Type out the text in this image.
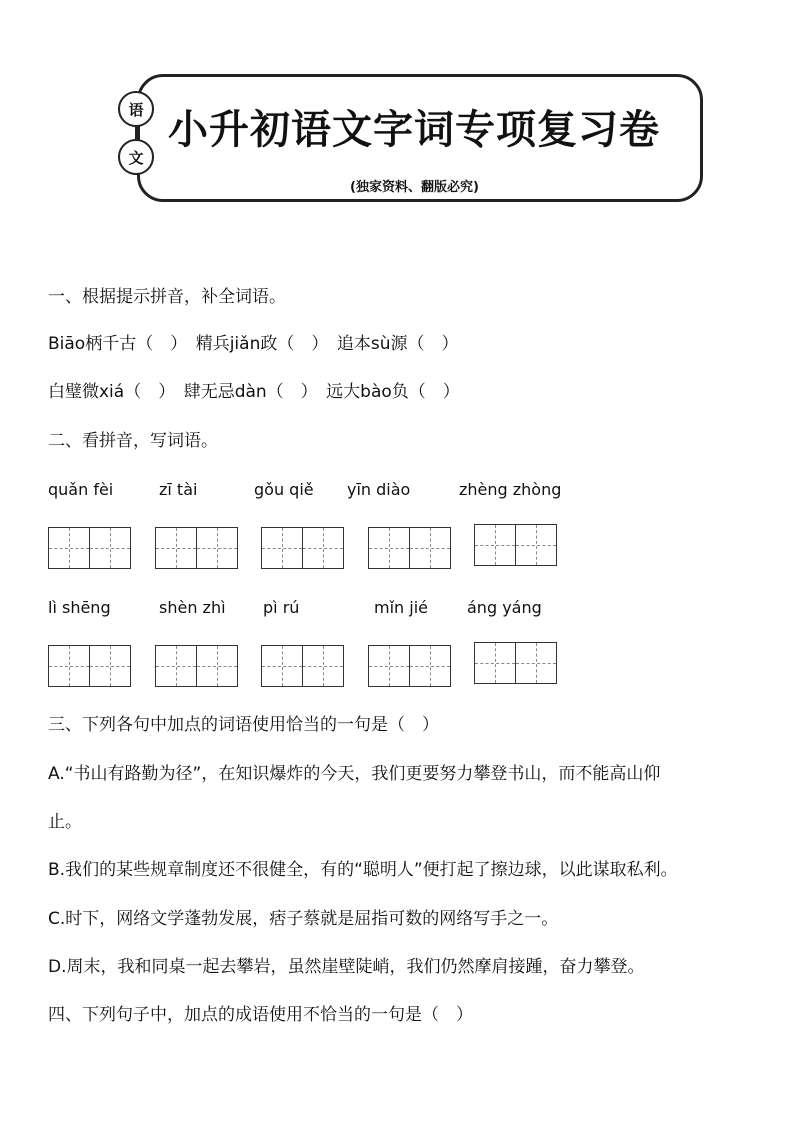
语
文
小升初语文字词专项复习卷
(独家资料、翻版必究)
一、根据提示拼音，补全词语。
Biāo柄千古（　）　精兵jiǎn政（　）　追本sù源（　）
白璧微xiá（　）　肆无忌dàn（　）　远大bào负（　）
二、看拼音，写词语。
quǎn fèi	zī tài	gǒu qiě yīn diào	zhèng zhòng
lì shēng	shèn zhì pì rú	mǐn jié áng yáng
三、下列各句中加点的词语使用恰当的一句是（　）
A.“书山有路勤为径”，在知识爆炸的今天，我们更要努力攀登书山，而不能高山仰
止。
B.我们的某些规章制度还不很健全，有的“聪明人”便打起了擦边球，以此谋取私利。
C.时下，网络文学蓬勃发展，痞子蔡就是屈指可数的网络写手之一。
D.周末，我和同桌一起去攀岩，虽然崖壁陡峭，我们仍然摩肩接踵，奋力攀登。
四、下列句子中，加点的成语使用不恰当的一句是（　）
